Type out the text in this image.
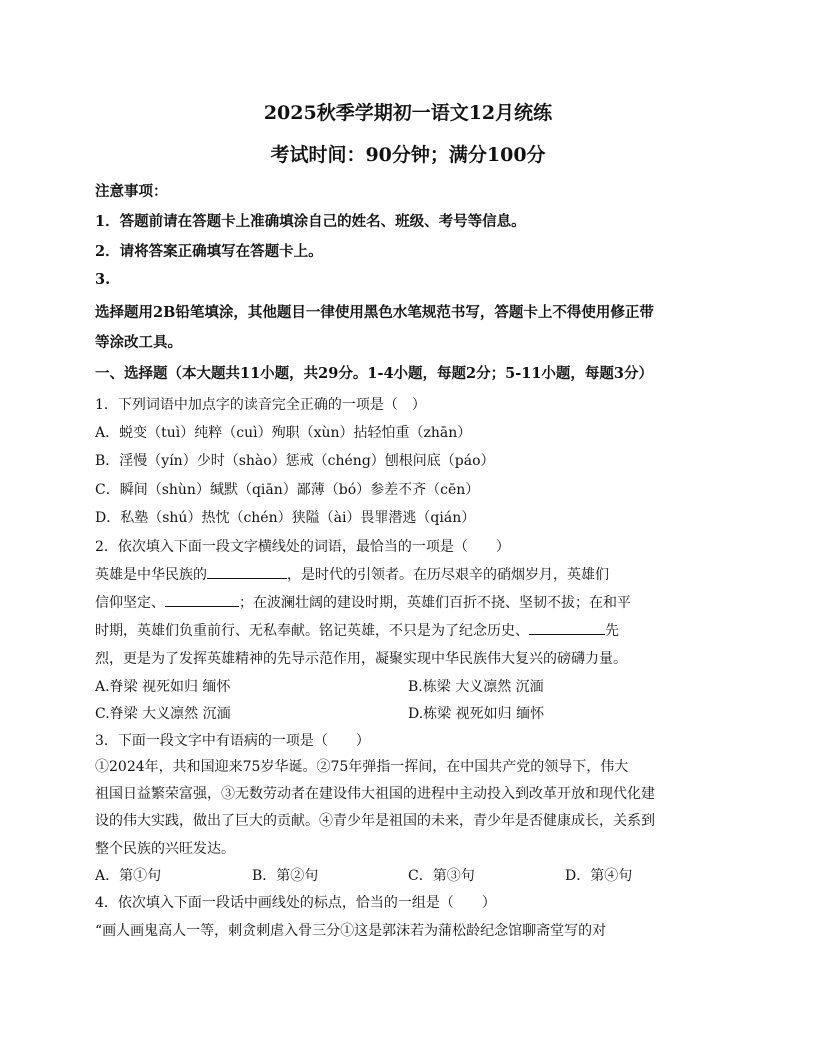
2025秋季学期初一语文12月统练
考试时间：90分钟；满分100分
注意事项：
1．答题前请在答题卡上准确填涂自己的姓名、班级、考号等信息。
2．请将答案正确填写在答题卡上。
3.
选择题用2B铅笔填涂，其他题目一律使用黑色水笔规范书写，答题卡上不得使用修正带
等涂改工具。
一、选择题（本大题共11小题，共29分。1-4小题，每题2分；5-11小题，每题3分）
1．下列词语中加点字的读音完全正确的一项是（　）
A．蜕变（tuì）纯粹（cuì）殉职（xùn）拈轻怕重（zhān）
B．淫慢（yín）少时（shào）惩戒（chéng）刨根问底（páo）
C．瞬间（shùn）缄默（qiān）鄙薄（bó）参差不齐（cēn）
D．私塾（shú）热忱（chén）狭隘（ài）畏罪潜逃（qián）
2．依次填入下面一段文字横线处的词语，最恰当的一项是（　　）
英雄是中华民族的	，是时代的引领者。在历尽艰辛的硝烟岁月，英雄们
信仰坚定、	；在波澜壮阔的建设时期，英雄们百折不挠、坚韧不拔；在和平
时期，英雄们负重前行、无私奉献。铭记英雄，不只是为了纪念历史、	先
烈，更是为了发挥英雄精神的先导示范作用，凝聚实现中华民族伟大复兴的磅礴力量。
A.脊梁 视死如归 缅怀	B.栋梁 大义凛然 沉湎
C.脊梁 大义凛然 沉湎	D.栋梁 视死如归 缅怀
3．下面一段文字中有语病的一项是（　　）
①2024年，共和国迎来75岁华诞。②75年弹指一挥间，在中国共产党的领导下，伟大
祖国日益繁荣富强，③无数劳动者在建设伟大祖国的进程中主动投入到改革开放和现代化建
设的伟大实践，做出了巨大的贡献。④青少年是祖国的未来，青少年是否健康成长，关系到
整个民族的兴旺发达。
A．第①句	B．第②句	C．第③句	D．第④句
4．依次填入下面一段话中画线处的标点，恰当的一组是（　　）
“画人画鬼高人一等，刺贪刺虐入骨三分①这是郭沫若为蒲松龄纪念馆聊斋堂写的对
